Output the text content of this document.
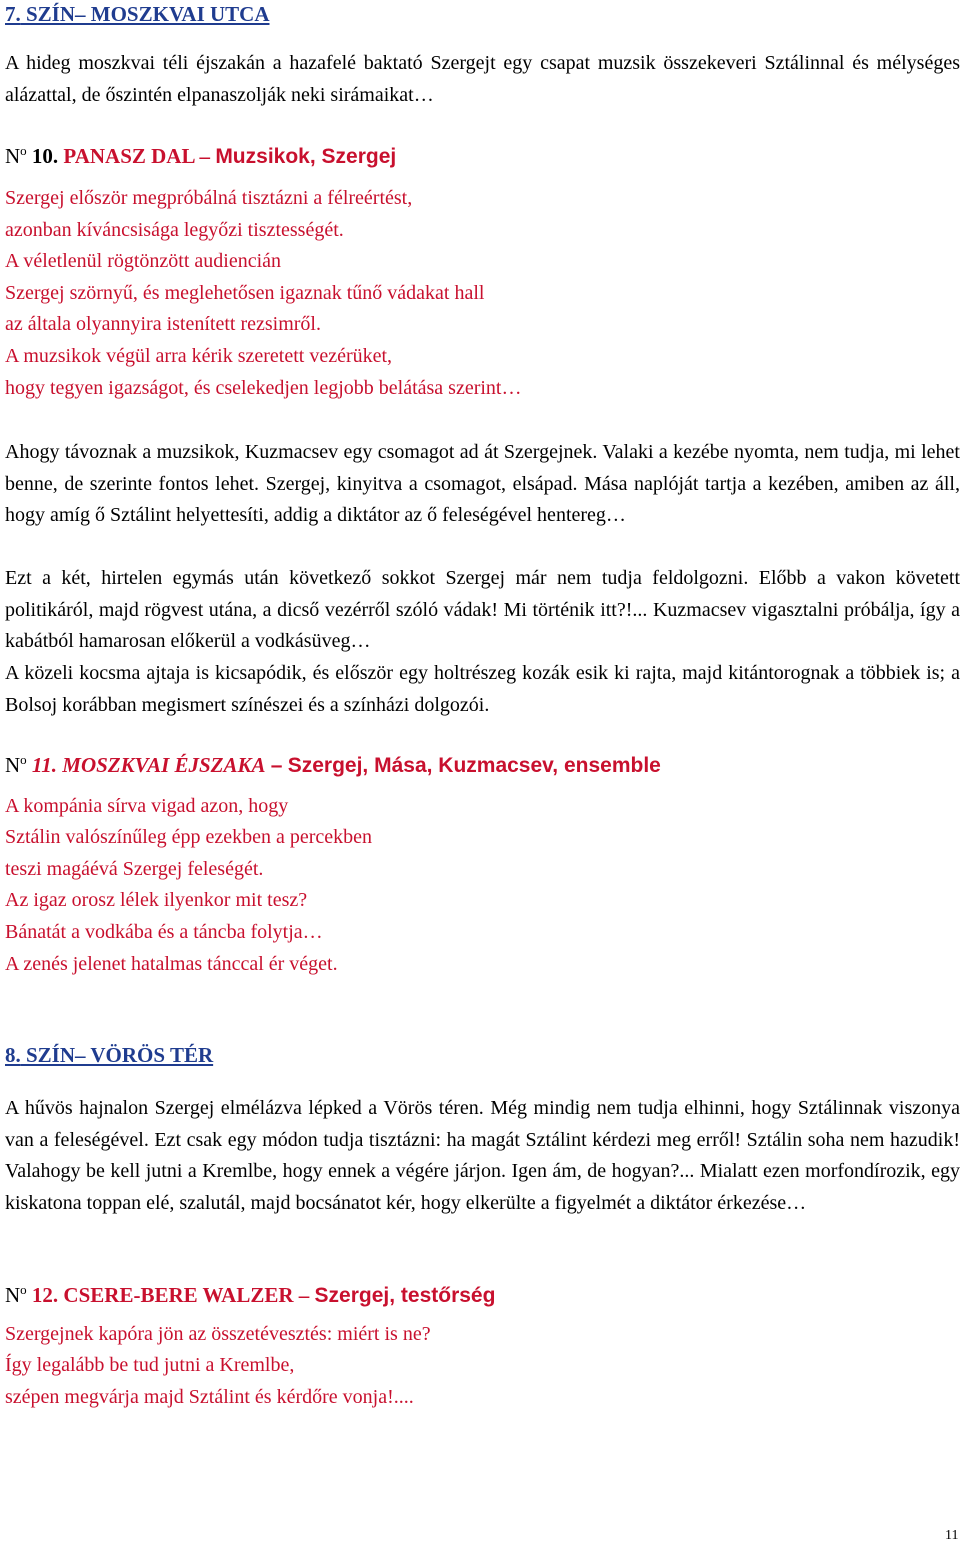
7. SZÍN– MOSZKVAI UTCA
A hideg moszkvai téli éjszakán a hazafelé baktató Szergejt egy csapat muzsik összekeveri Sztálinnal és mélységes alázattal, de őszintén elpanaszolják neki sirámaikat…
$N^o$ 10. PANASZ DAL – Muzsikok, Szergej
Szergej először megpróbálná tisztázni a félreértést,
azonban kíváncsisága legyőzi tisztességét.
A véletlenül rögtönzött audiencián
Szergej szörnyű, és meglehetősen igaznak tűnő vádakat hall
az általa olyannyira istenített rezsimről.
A muzsikok végül arra kérik szeretett vezérüket,
hogy tegyen igazságot, és cselekedjen legjobb belátása szerint…
Ahogy távoznak a muzsikok, Kuzmacsev egy csomagot ad át Szergejnek. Valaki a kezébe nyomta, nem tudja, mi lehet benne, de szerinte fontos lehet. Szergej, kinyitva a csomagot, elsápad. Mása naplóját tartja a kezében, amiben az áll, hogy amíg ő Sztálint helyettesíti, addig a diktátor az ő feleségével hentereg…
Ezt a két, hirtelen egymás után következő sokkot Szergej már nem tudja feldolgozni. Előbb a vakon követett politikáról, majd rögvest utána, a dicső vezérről szóló vádak! Mi történik itt?!... Kuzmacsev vigasztalni próbálja, így a kabátból hamarosan előkerül a vodkásüveg…
A közeli kocsma ajtaja is kicsapódik, és először egy holtrészeg kozák esik ki rajta, majd kitántorognak a többiek is; a Bolsoj korábban megismert színészei és a színházi dolgozói.
$N^o$ 11. MOSZKVAI ÉJSZAKA – Szergej, Mása, Kuzmacsev, ensemble
A kompánia sírva vigad azon, hogy
Sztálin valószínűleg épp ezekben a percekben
teszi magáévá Szergej feleségét.
Az igaz orosz lélek ilyenkor mit tesz?
Bánatát a vodkába és a táncba folytja…
A zenés jelenet hatalmas tánccal ér véget.
8. SZÍN– VÖRÖS TÉR
A hűvös hajnalon Szergej elmélázva lépked a Vörös téren. Még mindig nem tudja elhinni, hogy Sztálinnak viszonya van a feleségével. Ezt csak egy módon tudja tisztázni: ha magát Sztálint kérdezi meg erről! Sztálin soha nem hazudik! Valahogy be kell jutni a Kremlbe, hogy ennek a végére járjon. Igen ám, de hogyan?... Mialatt ezen morfondírozik, egy kiskatona toppan elé, szalutál, majd bocsánatot kér, hogy elkerülte a figyelmét a diktátor érkezése…
$N^o$ 12. CSERE-BERE WALZER – Szergej, testőrség
Szergejnek kapóra jön az összetévesztés: miért is ne?
Így legalább be tud jutni a Kremlbe,
szépen megvárja majd Sztálint és kérdőre vonja!....
11
